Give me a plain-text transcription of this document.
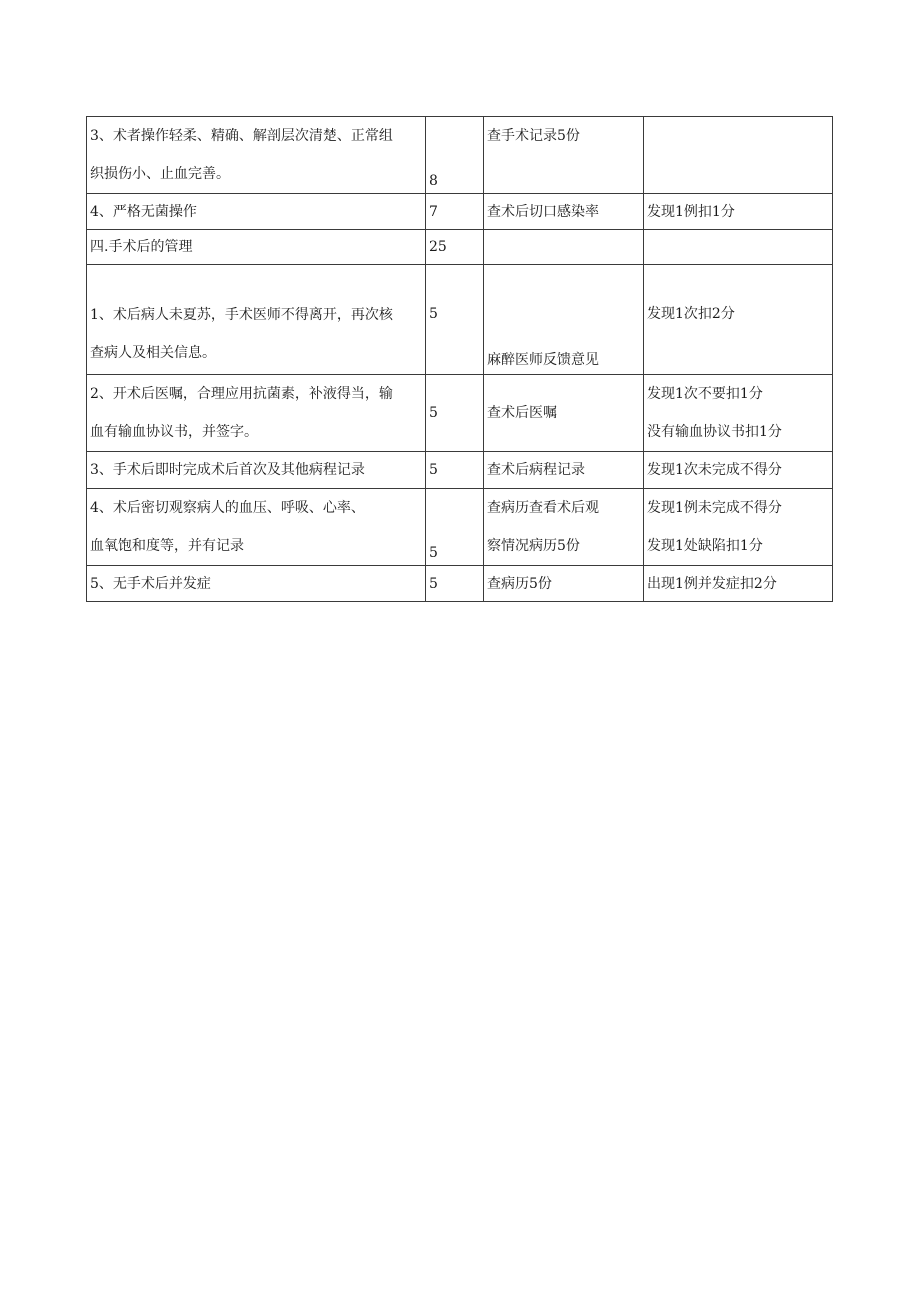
3、术者操作轻柔、精确、解剖层次清楚、正常组
织损伤小、止血完善。	8	查手术记录5份	

4、严格无菌操作	7	查术后切口感染率	发现1例扣1分
四.手术后的管理	25		

1、术后病人未夏苏，手术医师不得离开，再次核
查病人及相关信息。	5	麻醉医师反馈意见	发现1次扣2分

2、开术后医嘱，合理应用抗菌素，补液得当，输
血有输血协议书，并签字。	5	查术后医嘱	发现1次不要扣1分
没有输血协议书扣1分

3、手术后即时完成术后首次及其他病程记录	5	查术后病程记录	发现1次未完成不得分

4、术后密切观察病人的血压、呼吸、心率、
血氧饱和度等，并有记录	5	查病历查看术后观
察情况病历5份	发现1例未完成不得分
发现1处缺陷扣1分

5、无手术后并发症	5	查病历5份	出现1例并发症扣2分
